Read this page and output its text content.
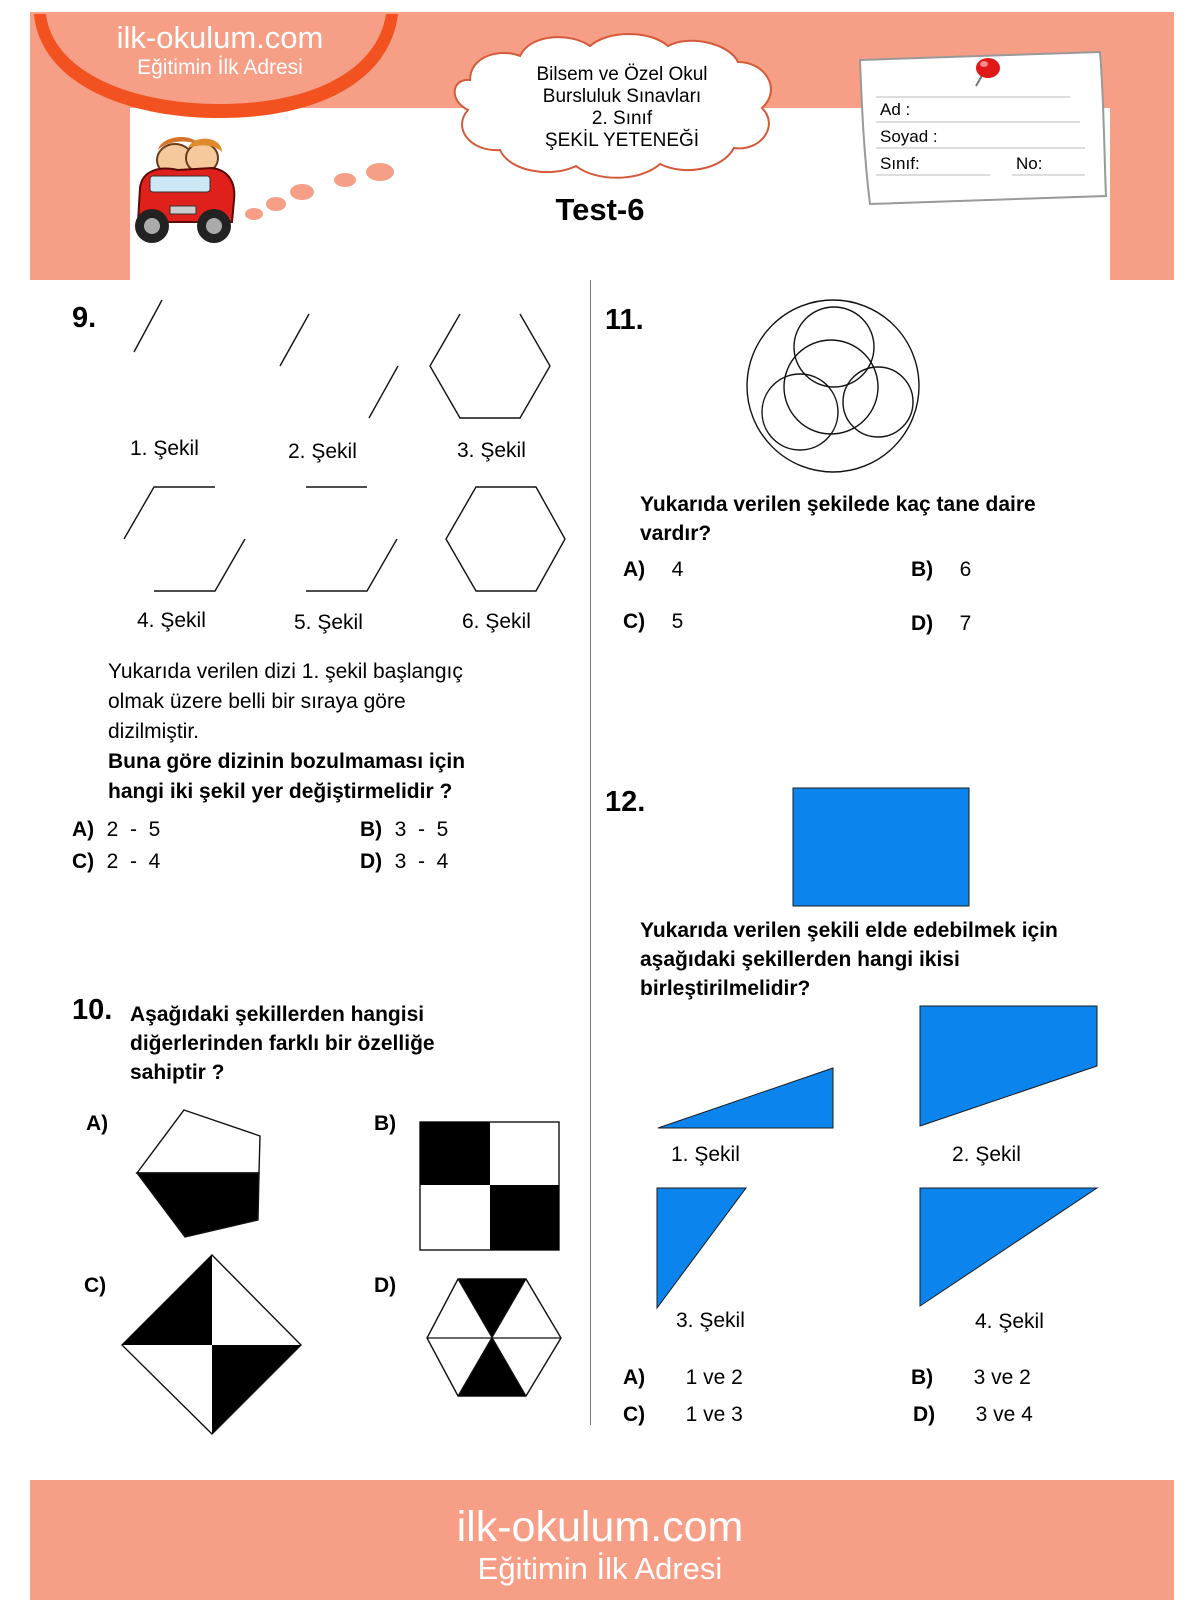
ilk-okulum.com
Eğitimin İlk Adresi	Bilsem ve Özel Okul
Bursluluk Sınavları
2. Sınıf
ŞEKİL YETENEĞİ
Test-6
Ad :
Soyad :
Sınıf:	No:
9.
1. Şekil	2. Şekil	3. Şekil
4. Şekil	5. Şekil	6. Şekil
Yukarıda verilen dizi 1. şekil başlangıç
olmak üzere belli bir sıraya göre
dizilmiştir.
Buna göre dizinin bozulmaması için
hangi iki şekil yer değiştirmelidir ?
A) 2  -  5	B) 3  -  5
C) 2  -  4	D) 3  -  4
10. Aşağıdaki şekillerden hangisi
diğerlerinden farklı bir özelliğe
sahiptir ?
A)	B)
C)	D)
11.
Yukarıda verilen şekilede kaç tane daire
vardır?
A) 4	B) 6
C) 5	D) 7
12.
Yukarıda verilen şekili elde edebilmek için
aşağıdaki şekillerden hangi ikisi
birleştirilmelidir?
1. Şekil	2. Şekil
3. Şekil	4. Şekil
A) 1 ve 2	B) 3 ve 2
C) 1 ve 3	D) 3 ve 4
ilk-okulum.com
Eğitimin İlk Adresi
